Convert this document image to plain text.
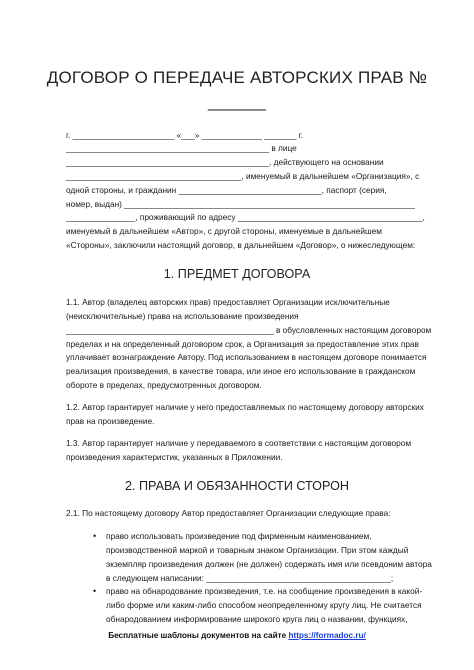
ДОГОВОР О ПЕРЕДАЧЕ АВТОРСКИХ ПРАВ №
______
г. ______________________ «___» _____________ _______ г.
____________________________________________ в лице
____________________________________________, действующего на основании
______________________________________, именуемый в дальнейшем «Организация», с
одной стороны, и гражданин _______________________________, паспорт (серия,
номер, выдан) _______________________________________________________________
_______________, проживающий по адресу ________________________________________,
именуемый в дальнейшем «Автор», с другой стороны, именуемые в дальнейшем
«Стороны», заключили настоящий договор, в дальнейшем «Договор», о нижеследующем:
1. ПРЕДМЕТ ДОГОВОРА
1.1. Автор (владелец авторских прав) предоставляет Организации исключительные
(неисключительные) права на использование произведения
_____________________________________________ в обусловленных настоящим договором
пределах и на определенный договором срок, а Организация за предоставление этих прав
уплачивает вознаграждение Автору. Под использованием в настоящем договоре понимается
реализация произведения, в качестве товара, или иное его использование в гражданском
обороте в пределах, предусмотренных договором.
1.2. Автор гарантирует наличие у него предоставляемых по настоящему договору авторских
прав на произведение.
1.3. Автор гарантирует наличие у передаваемого в соответствии с настоящим договором
произведения характеристик, указанных в Приложении.
2. ПРАВА И ОБЯЗАННОСТИ СТОРОН
2.1. По настоящему договору Автор предоставляет Организации следующие права:
• право использовать произведение под фирменным наименованием,
производственной маркой и товарным знаком Организации. При этом каждый
экземпляр произведения должен (не должен) содержать имя или псевдоним автора
в следующем написании: ________________________________________;
• право на обнародование произведения, т.е. на сообщение произведения в какой-
либо форме или каким-либо способом неопределенному кругу лиц. Не считается
обнародованием информирование широкого круга лиц о названии, функциях,
Бесплатные шаблоны документов на сайте https://formadoc.ru/
